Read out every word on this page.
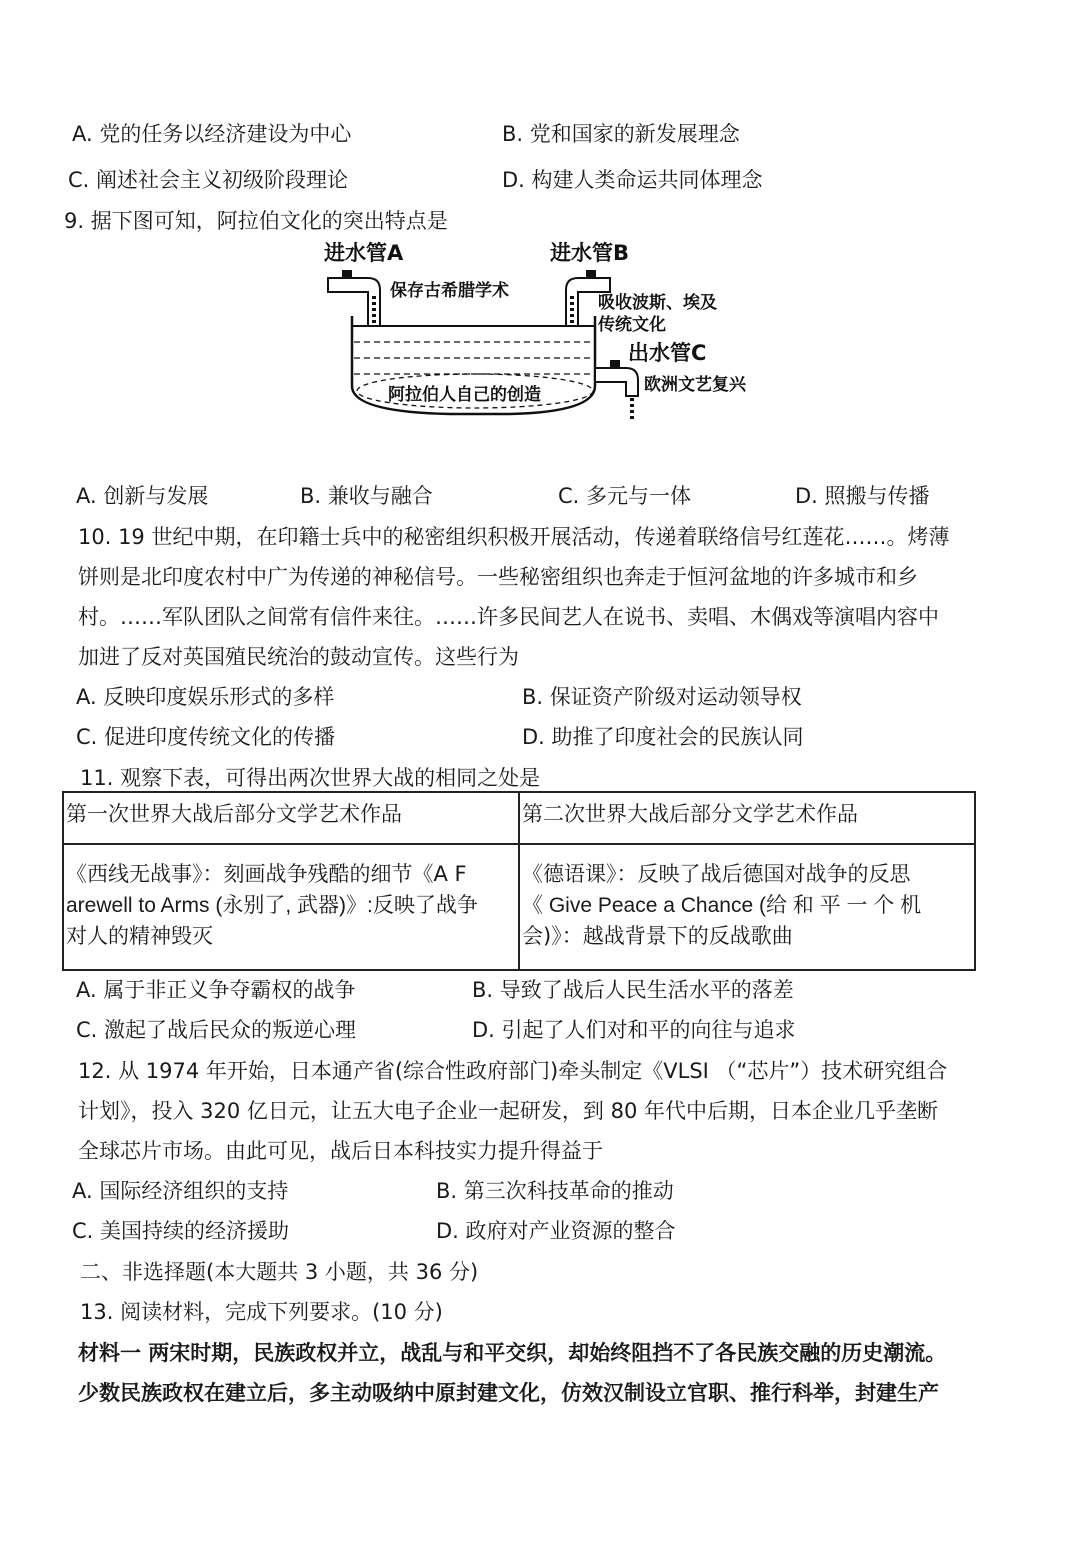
A. 党的任务以经济建设为中心	B. 党和国家的新发展理念
C. 阐述社会主义初级阶段理论	D. 构建人类命运共同体理念
9. 据下图可知，阿拉伯文化的突出特点是
进水管A
保存古希腊学术
进水管B
吸收波斯、埃及
传统文化
出水管C
欧洲文艺复兴
阿拉伯人自己的创造
A. 创新与发展	B. 兼收与融合	C. 多元与一体	D. 照搬与传播
10. 19 世纪中期，在印籍士兵中的秘密组织积极开展活动，传递着联络信号红莲花……。烤薄
饼则是北印度农村中广为传递的神秘信号。一些秘密组织也奔走于恒河盆地的许多城市和乡
村。……军队团队之间常有信件来往。……许多民间艺人在说书、卖唱、木偶戏等演唱内容中
加进了反对英国殖民统治的鼓动宣传。这些行为
A. 反映印度娱乐形式的多样	B. 保证资产阶级对运动领导权
C. 促进印度传统文化的传播	D. 助推了印度社会的民族认同
11. 观察下表，可得出两次世界大战的相同之处是
第一次世界大战后部分文学艺术作品	第二次世界大战后部分文学艺术作品

《西线无战事》：刻画战争残酷的细节《A F
arewell to Arms (永别了, 武器)》:反映了战争
对人的精神毁灭	《德语课》：反映了战后德国对战争的反思
《 Give Peace a Chance (给 和 平 一 个 机
会)》：越战背景下的反战歌曲
A. 属于非正义争夺霸权的战争	B. 导致了战后人民生活水平的落差
C. 激起了战后民众的叛逆心理	D. 引起了人们对和平的向往与追求
12. 从 1974 年开始，日本通产省(综合性政府部门)牵头制定《VLSI （“芯片”）技术研究组合
计划》，投入 320 亿日元，让五大电子企业一起研发，到 80 年代中后期，日本企业几乎垄断
全球芯片市场。由此可见，战后日本科技实力提升得益于
A. 国际经济组织的支持	B. 第三次科技革命的推动
C. 美国持续的经济援助	D. 政府对产业资源的整合
二、非选择题(本大题共 3 小题，共 36 分)
13. 阅读材料，完成下列要求。(10 分)
材料一 两宋时期，民族政权并立，战乱与和平交织，却始终阻挡不了各民族交融的历史潮流。
少数民族政权在建立后，多主动吸纳中原封建文化，仿效汉制设立官职、推行科举，封建生产
